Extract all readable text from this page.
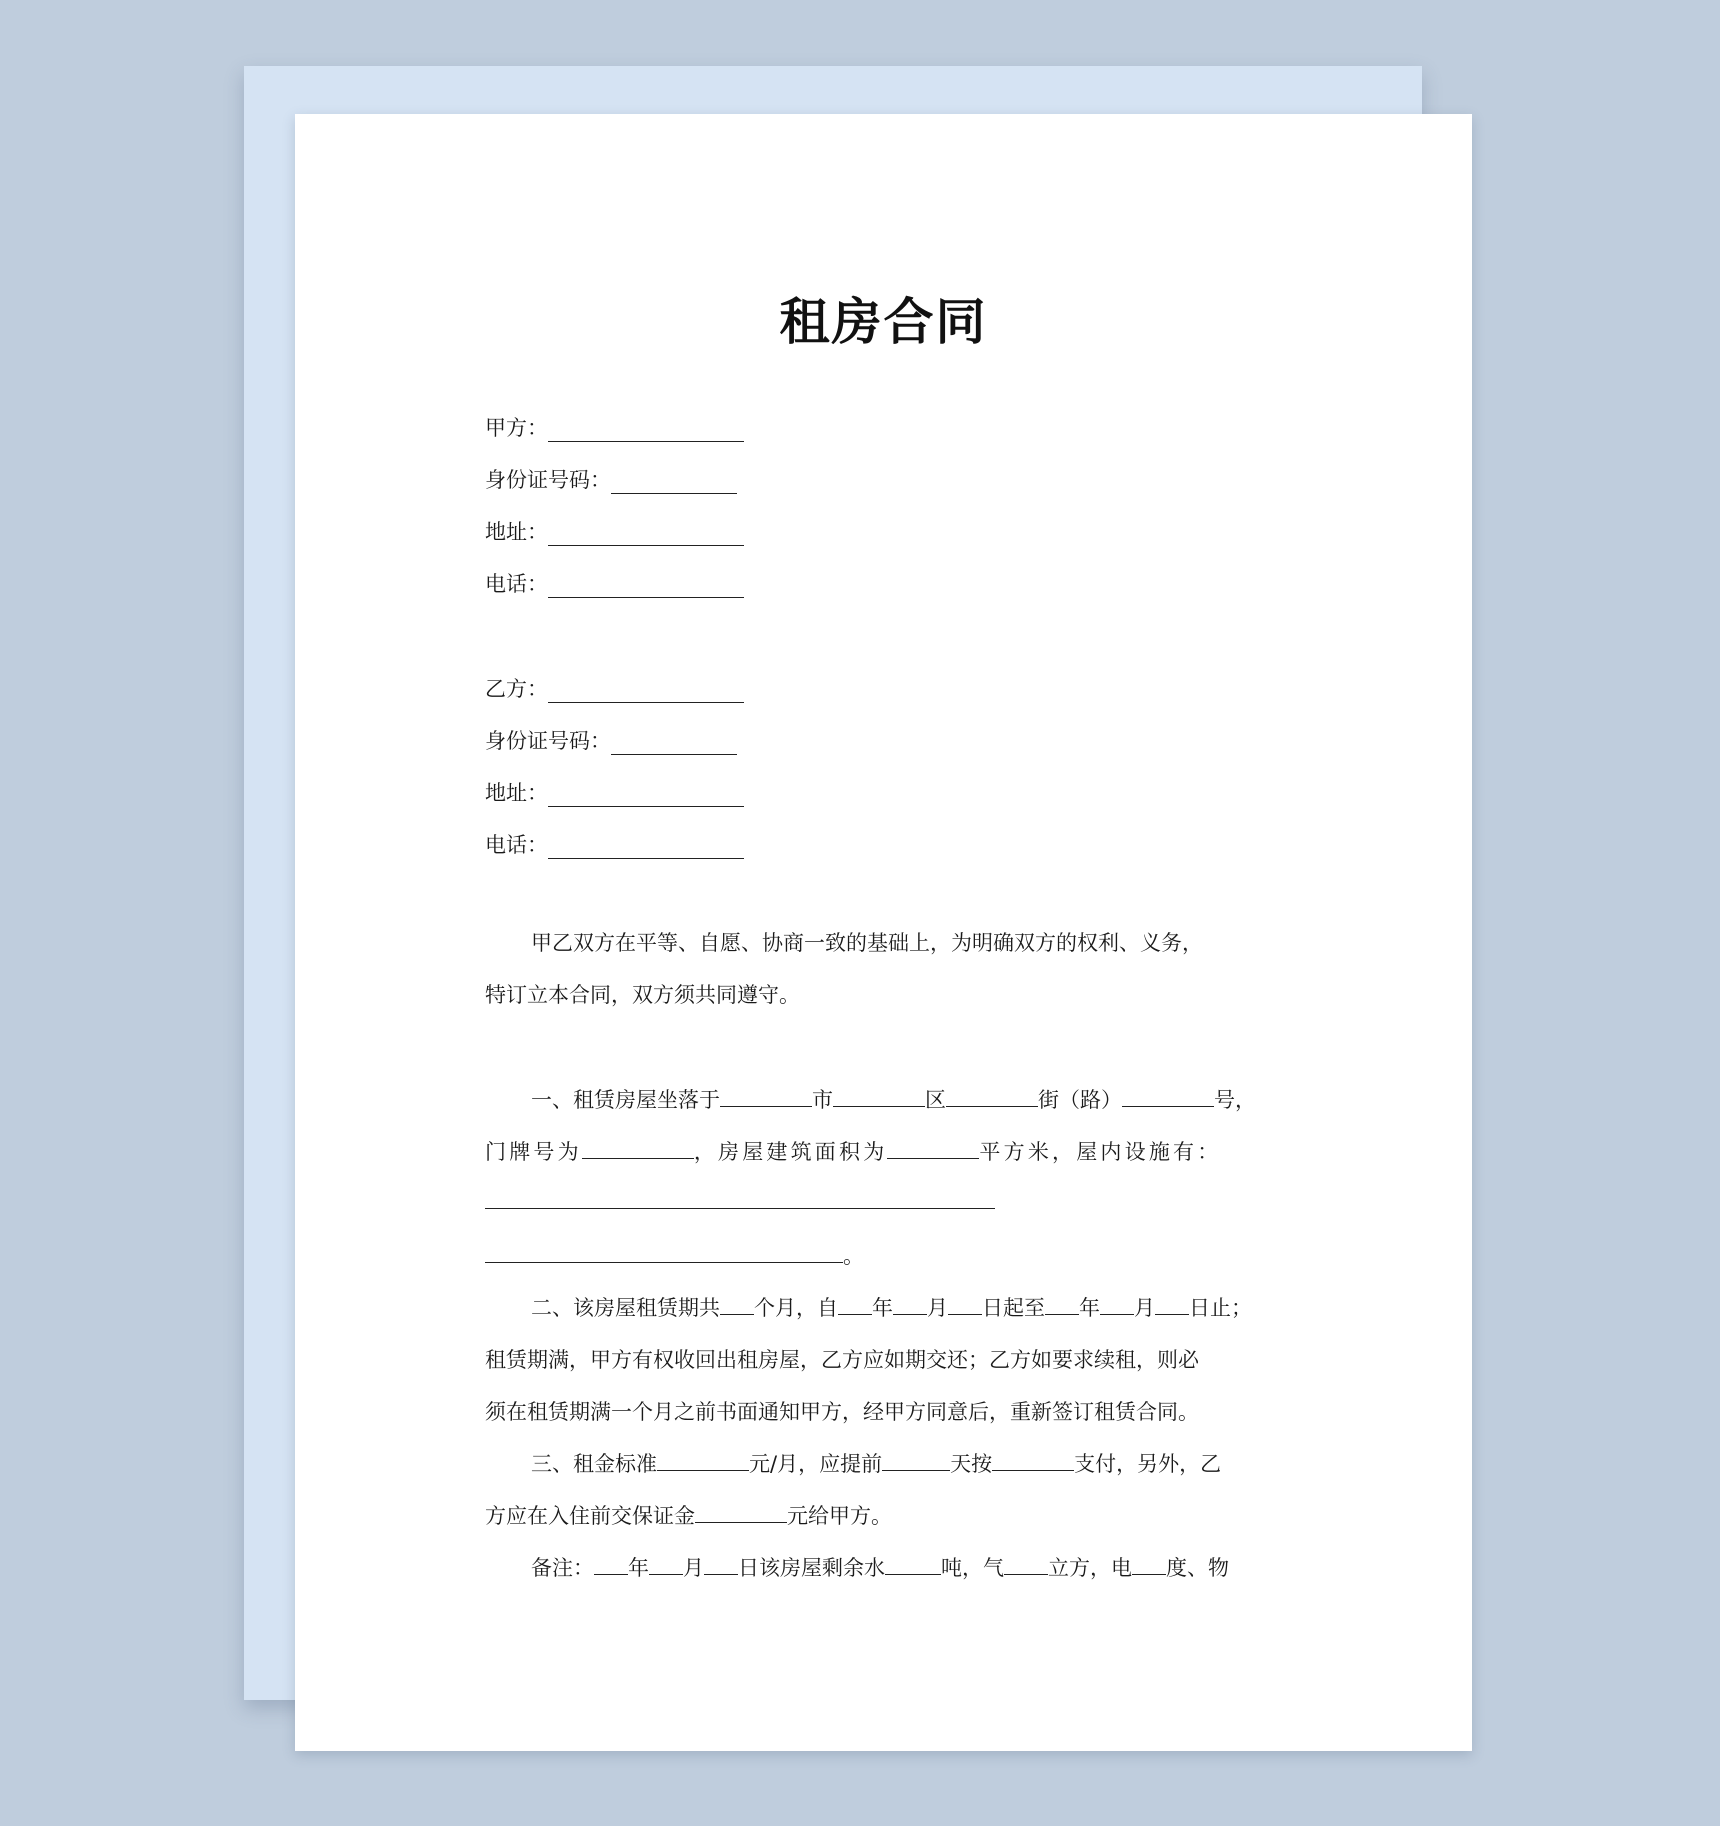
租房合同
甲方：
身份证号码：
地址：
电话：
乙方：
身份证号码：
地址：
电话：
甲乙双方在平等、自愿、协商一致的基础上，为明确双方的权利、义务，
特订立本合同，双方须共同遵守。
一、租赁房屋坐落于	市	区	街（路）	号，
门牌号为	，房屋建筑面积为	平方米，屋内设施有：
。
二、该房屋租赁期共 个月，自 年 月 日起至 年 月 日止；
租赁期满，甲方有权收回出租房屋，乙方应如期交还；乙方如要求续租，则必
须在租赁期满一个月之前书面通知甲方，经甲方同意后，重新签订租赁合同。
三、租金标准	元/月，应提前	天按	支付，另外，乙
方应在入住前交保证金	元给甲方。
备注： 年 月 日该房屋剩余水	吨，气 立方，电 度、物
